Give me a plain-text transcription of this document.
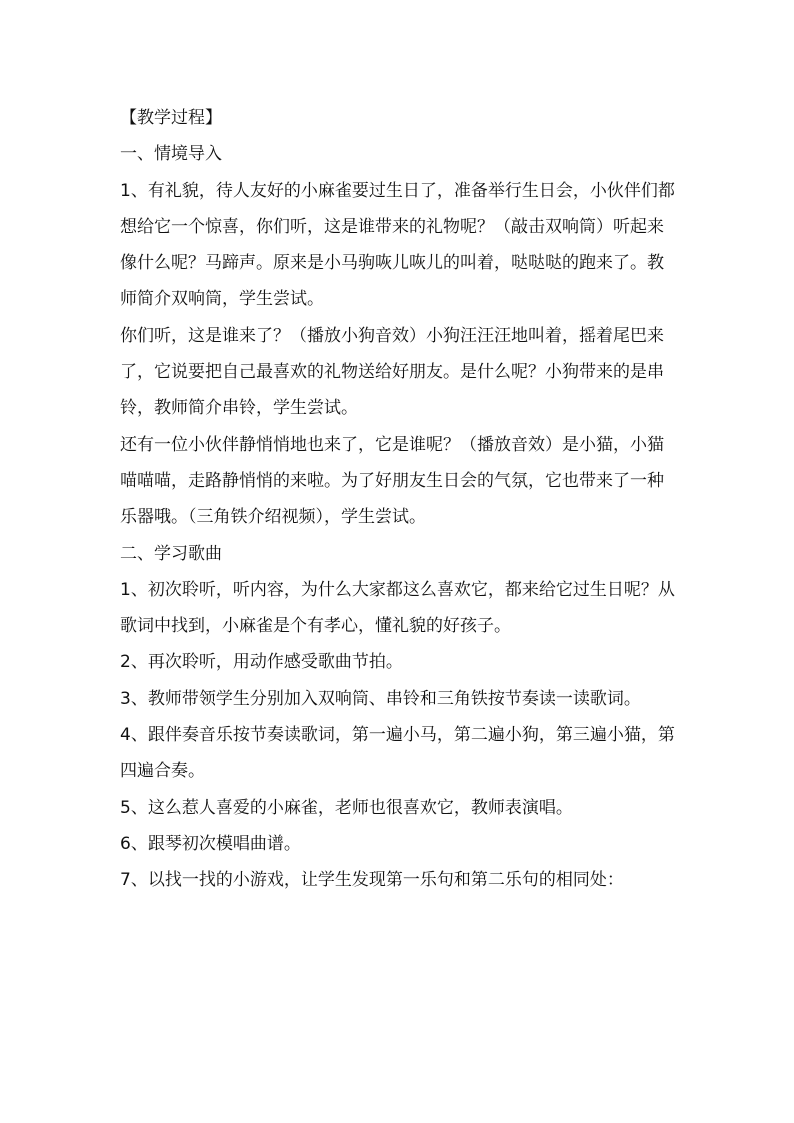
【教学过程】

一、情境导入

1、有礼貌，待人友好的小麻雀要过生日了，准备举行生日会，小伙伴们都想给它一个惊喜，你们听，这是谁带来的礼物呢？（敲击双响筒）听起来像什么呢？马蹄声。原来是小马驹咴儿咴儿的叫着，哒哒哒的跑来了。教师简介双响筒，学生尝试。

你们听，这是谁来了？（播放小狗音效）小狗汪汪汪地叫着，摇着尾巴来了，它说要把自己最喜欢的礼物送给好朋友。是什么呢？小狗带来的是串铃，教师简介串铃，学生尝试。

还有一位小伙伴静悄悄地也来了，它是谁呢？（播放音效）是小猫，小猫喵喵喵，走路静悄悄的来啦。为了好朋友生日会的气氛，它也带来了一种乐器哦。（三角铁介绍视频），学生尝试。

二、学习歌曲

1、初次聆听，听内容，为什么大家都这么喜欢它，都来给它过生日呢？从歌词中找到，小麻雀是个有孝心，懂礼貌的好孩子。

2、再次聆听，用动作感受歌曲节拍。

3、教师带领学生分别加入双响筒、串铃和三角铁按节奏读一读歌词。

4、跟伴奏音乐按节奏读歌词，第一遍小马，第二遍小狗，第三遍小猫，第四遍合奏。

5、这么惹人喜爱的小麻雀，老师也很喜欢它，教师表演唱。

6、跟琴初次模唱曲谱。

7、以找一找的小游戏，让学生发现第一乐句和第二乐句的相同处：
